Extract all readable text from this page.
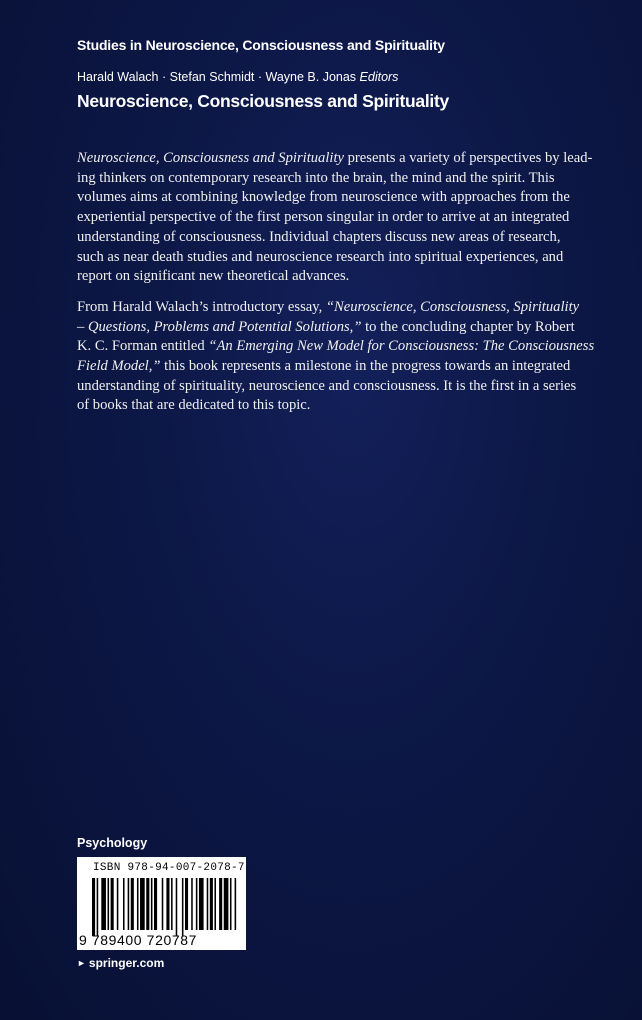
Studies in Neuroscience, Consciousness and Spirituality
Harald Walach · Stefan Schmidt · Wayne B. Jonas Editors
Neuroscience, Consciousness and Spirituality

Neuroscience, Consciousness and Spirituality presents a variety of perspectives by lead-
ing thinkers on contemporary research into the brain, the mind and the spirit. This
volumes aims at combining knowledge from neuroscience with approaches from the
experiential perspective of the first person singular in order to arrive at an integrated
understanding of consciousness. Individual chapters discuss new areas of research,
such as near death studies and neuroscience research into spiritual experiences, and
report on significant new theoretical advances.

From Harald Walach’s introductory essay, “Neuroscience, Consciousness, Spirituality
– Questions, Problems and Potential Solutions,” to the concluding chapter by Robert
K. C. Forman entitled “An Emerging New Model for Consciousness: The Consciousness
Field Model,” this book represents a milestone in the progress towards an integrated
understanding of spirituality, neuroscience and consciousness. It is the first in a series
of books that are dedicated to this topic.

Psychology
ISBN 978-94-007-2078-7
9 789400 720787
► springer.com
